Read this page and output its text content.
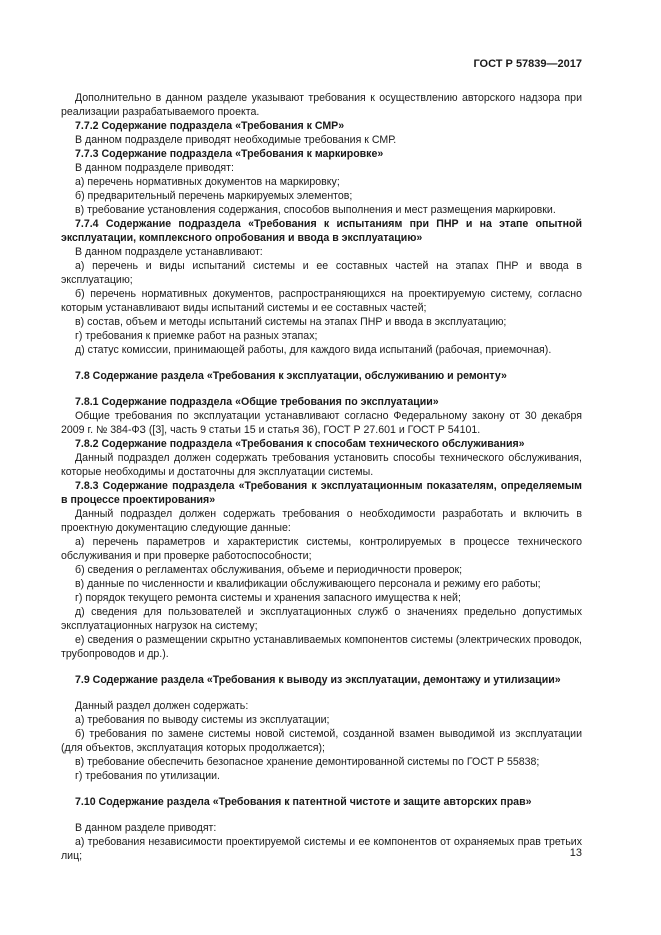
ГОСТ Р 57839—2017

Дополнительно в данном разделе указывают требования к осуществлению авторского надзора при реализации разрабатываемого проекта.

7.7.2 Содержание подраздела «Требования к СМР»

В данном подразделе приводят необходимые требования к СМР.

7.7.3 Содержание подраздела «Требования к маркировке»

В данном подразделе приводят:

а) перечень нормативных документов на маркировку;

б) предварительный перечень маркируемых элементов;

в) требование установления содержания, способов выполнения и мест размещения маркировки.

7.7.4 Содержание подраздела «Требования к испытаниям при ПНР и на этапе опытной эксплуатации, комплексного опробования и ввода в эксплуатацию»

В данном подразделе устанавливают:

а) перечень и виды испытаний системы и ее составных частей на этапах ПНР и ввода в эксплуатацию;

б) перечень нормативных документов, распространяющихся на проектируемую систему, согласно которым устанавливают виды испытаний системы и ее составных частей;

в) состав, объем и методы испытаний системы на этапах ПНР и ввода в эксплуатацию;

г) требования к приемке работ на разных этапах;

д) статус комиссии, принимающей работы, для каждого вида испытаний (рабочая, приемочная).

7.8 Содержание раздела «Требования к эксплуатации, обслуживанию и ремонту»

7.8.1 Содержание подраздела «Общие требования по эксплуатации»

Общие требования по эксплуатации устанавливают согласно Федеральному закону от 30 декабря 2009 г. № 384-ФЗ ([3], часть 9 статьи 15 и статья 36), ГОСТ Р 27.601 и ГОСТ Р 54101.

7.8.2 Содержание подраздела «Требования к способам технического обслуживания»

Данный подраздел должен содержать требования установить способы технического обслуживания, которые необходимы и достаточны для эксплуатации системы.

7.8.3 Содержание подраздела «Требования к эксплуатационным показателям, определяемым в процессе проектирования»

Данный подраздел должен содержать требования о необходимости разработать и включить в проектную документацию следующие данные:

а) перечень параметров и характеристик системы, контролируемых в процессе технического обслуживания и при проверке работоспособности;

б) сведения о регламентах обслуживания, объеме и периодичности проверок;

в) данные по численности и квалификации обслуживающего персонала и режиму его работы;

г) порядок текущего ремонта системы и хранения запасного имущества к ней;

д) сведения для пользователей и эксплуатационных служб о значениях предельно допустимых эксплуатационных нагрузок на систему;

е) сведения о размещении скрытно устанавливаемых компонентов системы (электрических проводок, трубопроводов и др.).

7.9 Содержание раздела «Требования к выводу из эксплуатации, демонтажу и утилизации»

Данный раздел должен содержать:

а) требования по выводу системы из эксплуатации;

б) требования по замене системы новой системой, созданной взамен выводимой из эксплуатации (для объектов, эксплуатация которых продолжается);

в) требование обеспечить безопасное хранение демонтированной системы по ГОСТ Р 55838;

г) требования по утилизации.

7.10 Содержание раздела «Требования к патентной чистоте и защите авторских прав»

В данном разделе приводят:

а) требования независимости проектируемой системы и ее компонентов от охраняемых прав третьих лиц;	13
